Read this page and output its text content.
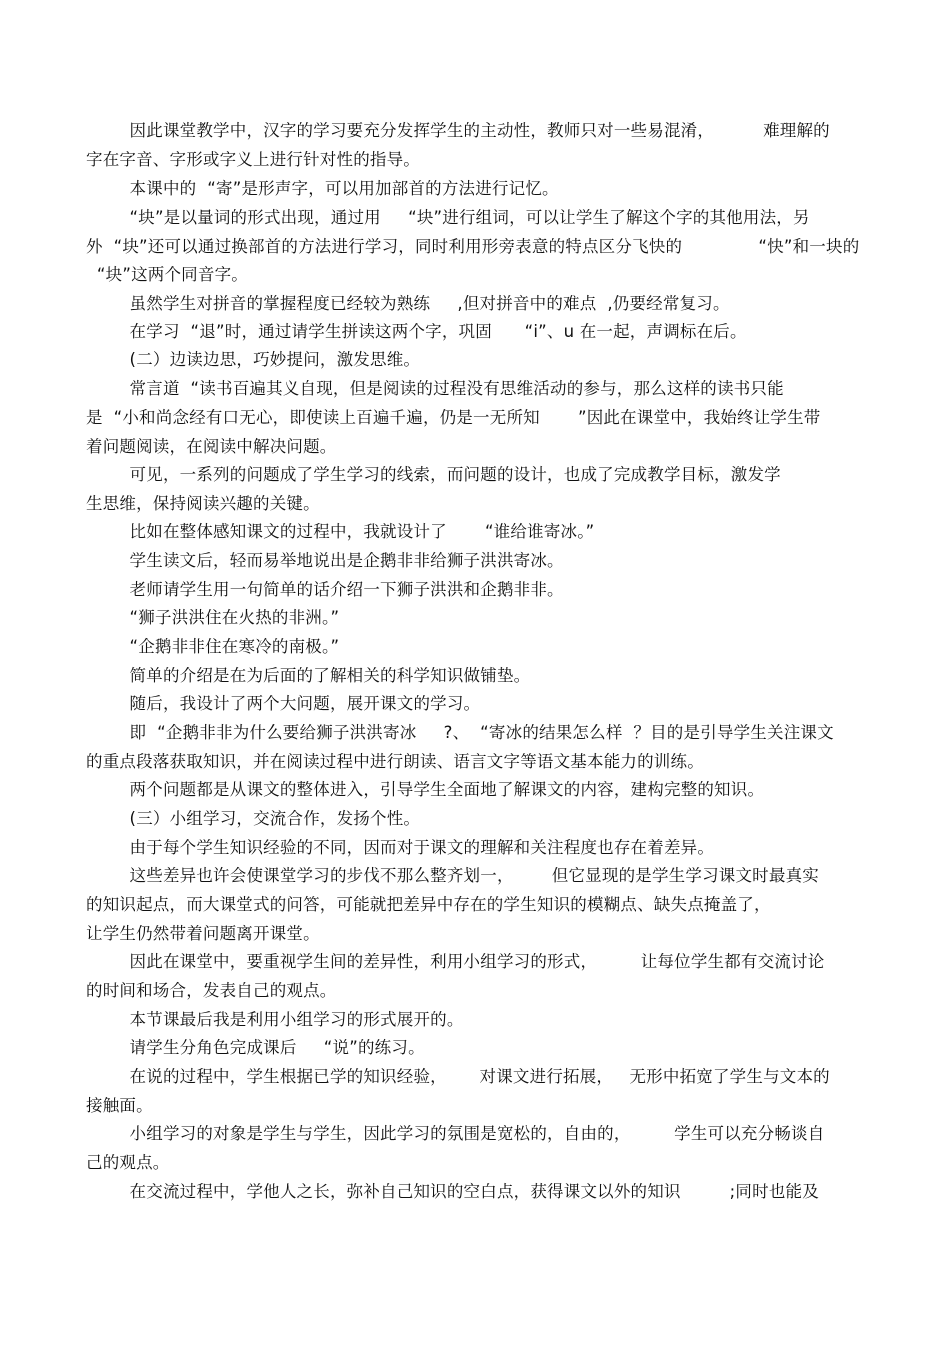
因此课堂教学中，汉字的学习要充分发挥学生的主动性，教师只对一些易混淆，         难理解的
字在字音、字形或字义上进行针对性的指导。
本课中的  “寄”是形声字，可以用加部首的方法进行记忆。
“块”是以量词的形式出现，通过用     “块”进行组词，可以让学生了解这个字的其他用法，另
外  “块”还可以通过换部首的方法进行学习，同时利用形旁表意的特点区分飞快的              “快”和一块的
“块”这两个同音字。
虽然学生对拼音的掌握程度已经较为熟练     ,但对拼音中的难点  ,仍要经常复习。
在学习  “退”时，通过请学生拼读这两个字，巩固      “i”、u 在一起，声调标在后。
(二）边读边思，巧妙提问，激发思维。
常言道  “读书百遍其义自现，但是阅读的过程没有思维活动的参与，那么这样的读书只能
是  “小和尚念经有口无心，即使读上百遍千遍，仍是一无所知       ”因此在课堂中，我始终让学生带
着问题阅读，在阅读中解决问题。
可见，一系列的问题成了学生学习的线索，而问题的设计，也成了完成教学目标，激发学
生思维，保持阅读兴趣的关键。
比如在整体感知课文的过程中，我就设计了       “谁给谁寄冰。”
学生读文后，轻而易举地说出是企鹅非非给狮子洪洪寄冰。
老师请学生用一句简单的话介绍一下狮子洪洪和企鹅非非。
“狮子洪洪住在火热的非洲。”
“企鹅非非住在寒冷的南极。”
简单的介绍是在为后面的了解相关的科学知识做铺垫。
随后，我设计了两个大问题，展开课文的学习。
即  “企鹅非非为什么要给狮子洪洪寄冰     ?、  “寄冰的结果怎么样  ？目的是引导学生关注课文
的重点段落获取知识，并在阅读过程中进行朗读、语言文字等语文基本能力的训练。
两个问题都是从课文的整体进入，引导学生全面地了解课文的内容，建构完整的知识。
(三）小组学习，交流合作，发扬个性。
由于每个学生知识经验的不同，因而对于课文的理解和关注程度也存在着差异。
这些差异也许会使课堂学习的步伐不那么整齐划一，       但它显现的是学生学习课文时最真实
的知识起点，而大课堂式的问答，可能就把差异中存在的学生知识的模糊点、缺失点掩盖了，
让学生仍然带着问题离开课堂。
因此在课堂中，要重视学生间的差异性，利用小组学习的形式，        让每位学生都有交流讨论
的时间和场合，发表自己的观点。
本节课最后我是利用小组学习的形式展开的。
请学生分角色完成课后     “说”的练习。
在说的过程中，学生根据已学的知识经验，      对课文进行拓展，   无形中拓宽了学生与文本的
接触面。
小组学习的对象是学生与学生，因此学习的氛围是宽松的，自由的，        学生可以充分畅谈自
己的观点。
在交流过程中，学他人之长，弥补自己知识的空白点，获得课文以外的知识         ;同时也能及
